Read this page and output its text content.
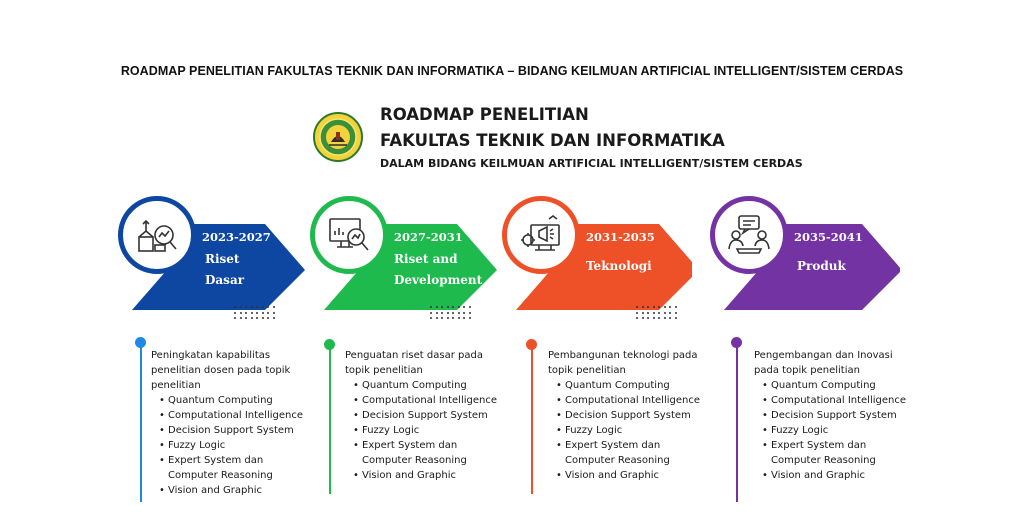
ROADMAP PENELITIAN FAKULTAS TEKNIK DAN INFORMATIKA – BIDANG KEILMUAN ARTIFICIAL INTELLIGENT/SISTEM CERDAS
ROADMAP PENELITIAN
FAKULTAS TEKNIK DAN INFORMATIKA
DALAM BIDANG KEILMUAN ARTIFICIAL INTELLIGENT/SISTEM CERDAS
2023-2027
Riset
Dasar
2027-2031
Riset and
Development
2031-2035
Teknologi
2035-2041
Produk
Peningkatan kapabilitas
penelitian dosen pada topik
penelitian
• Quantum Computing
• Computational Intelligence
• Decision Support System
• Fuzzy Logic
• Expert System dan
Computer Reasoning
• Vision and Graphic
Penguatan riset dasar pada
topik penelitian
• Quantum Computing
• Computational Intelligence
• Decision Support System
• Fuzzy Logic
• Expert System dan
Computer Reasoning
• Vision and Graphic
Pembangunan teknologi pada
topik penelitian
• Quantum Computing
• Computational Intelligence
• Decision Support System
• Fuzzy Logic
• Expert System dan
Computer Reasoning
• Vision and Graphic
Pengembangan dan Inovasi
pada topik penelitian
• Quantum Computing
• Computational Intelligence
• Decision Support System
• Fuzzy Logic
• Expert System dan
Computer Reasoning
• Vision and Graphic
